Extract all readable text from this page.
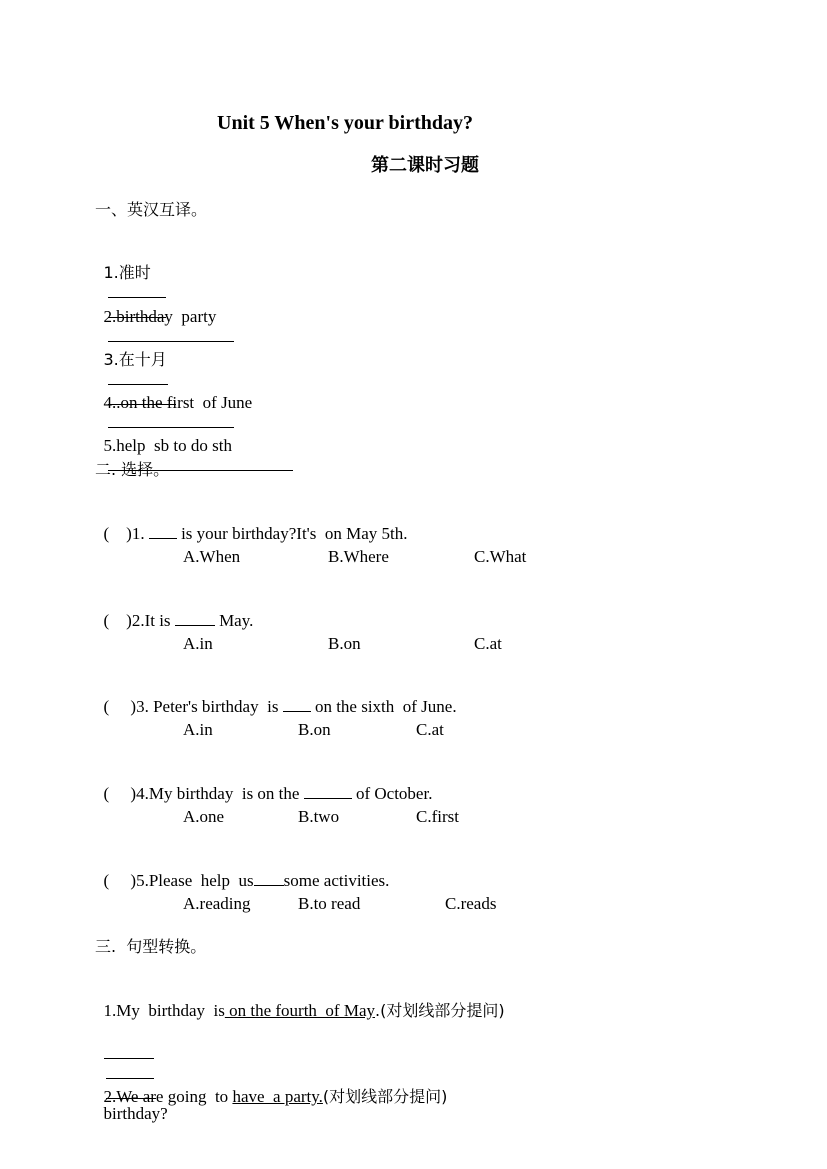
Unit 5 When's your birthday?
第二课时习题
一、英汉互译。

1.准时

2.birthday  party

3.在十月

4..on the first  of June

5.help  sb to do sth

二. 选择。

(    )1.  is your birthday?It's  on May 5th.

A.When	B.Where	C.What

(    )2.It is  May.

A.in	B.on	C.at

(     )3. Peter's birthday  is  on the sixth  of June.

A.in	B.on	C.at

(     )4.My birthday  is on the	of October.

A.one	B.two	C.first

(     )5.Please  help  us some activities.

A.reading	B.to read	C.reads
三.  句型转换。

1.My  birthday  is on the fourth  of May.(对划线部分提问)

birthday?

2.We are going  to have  a party.(对划线部分提问)
